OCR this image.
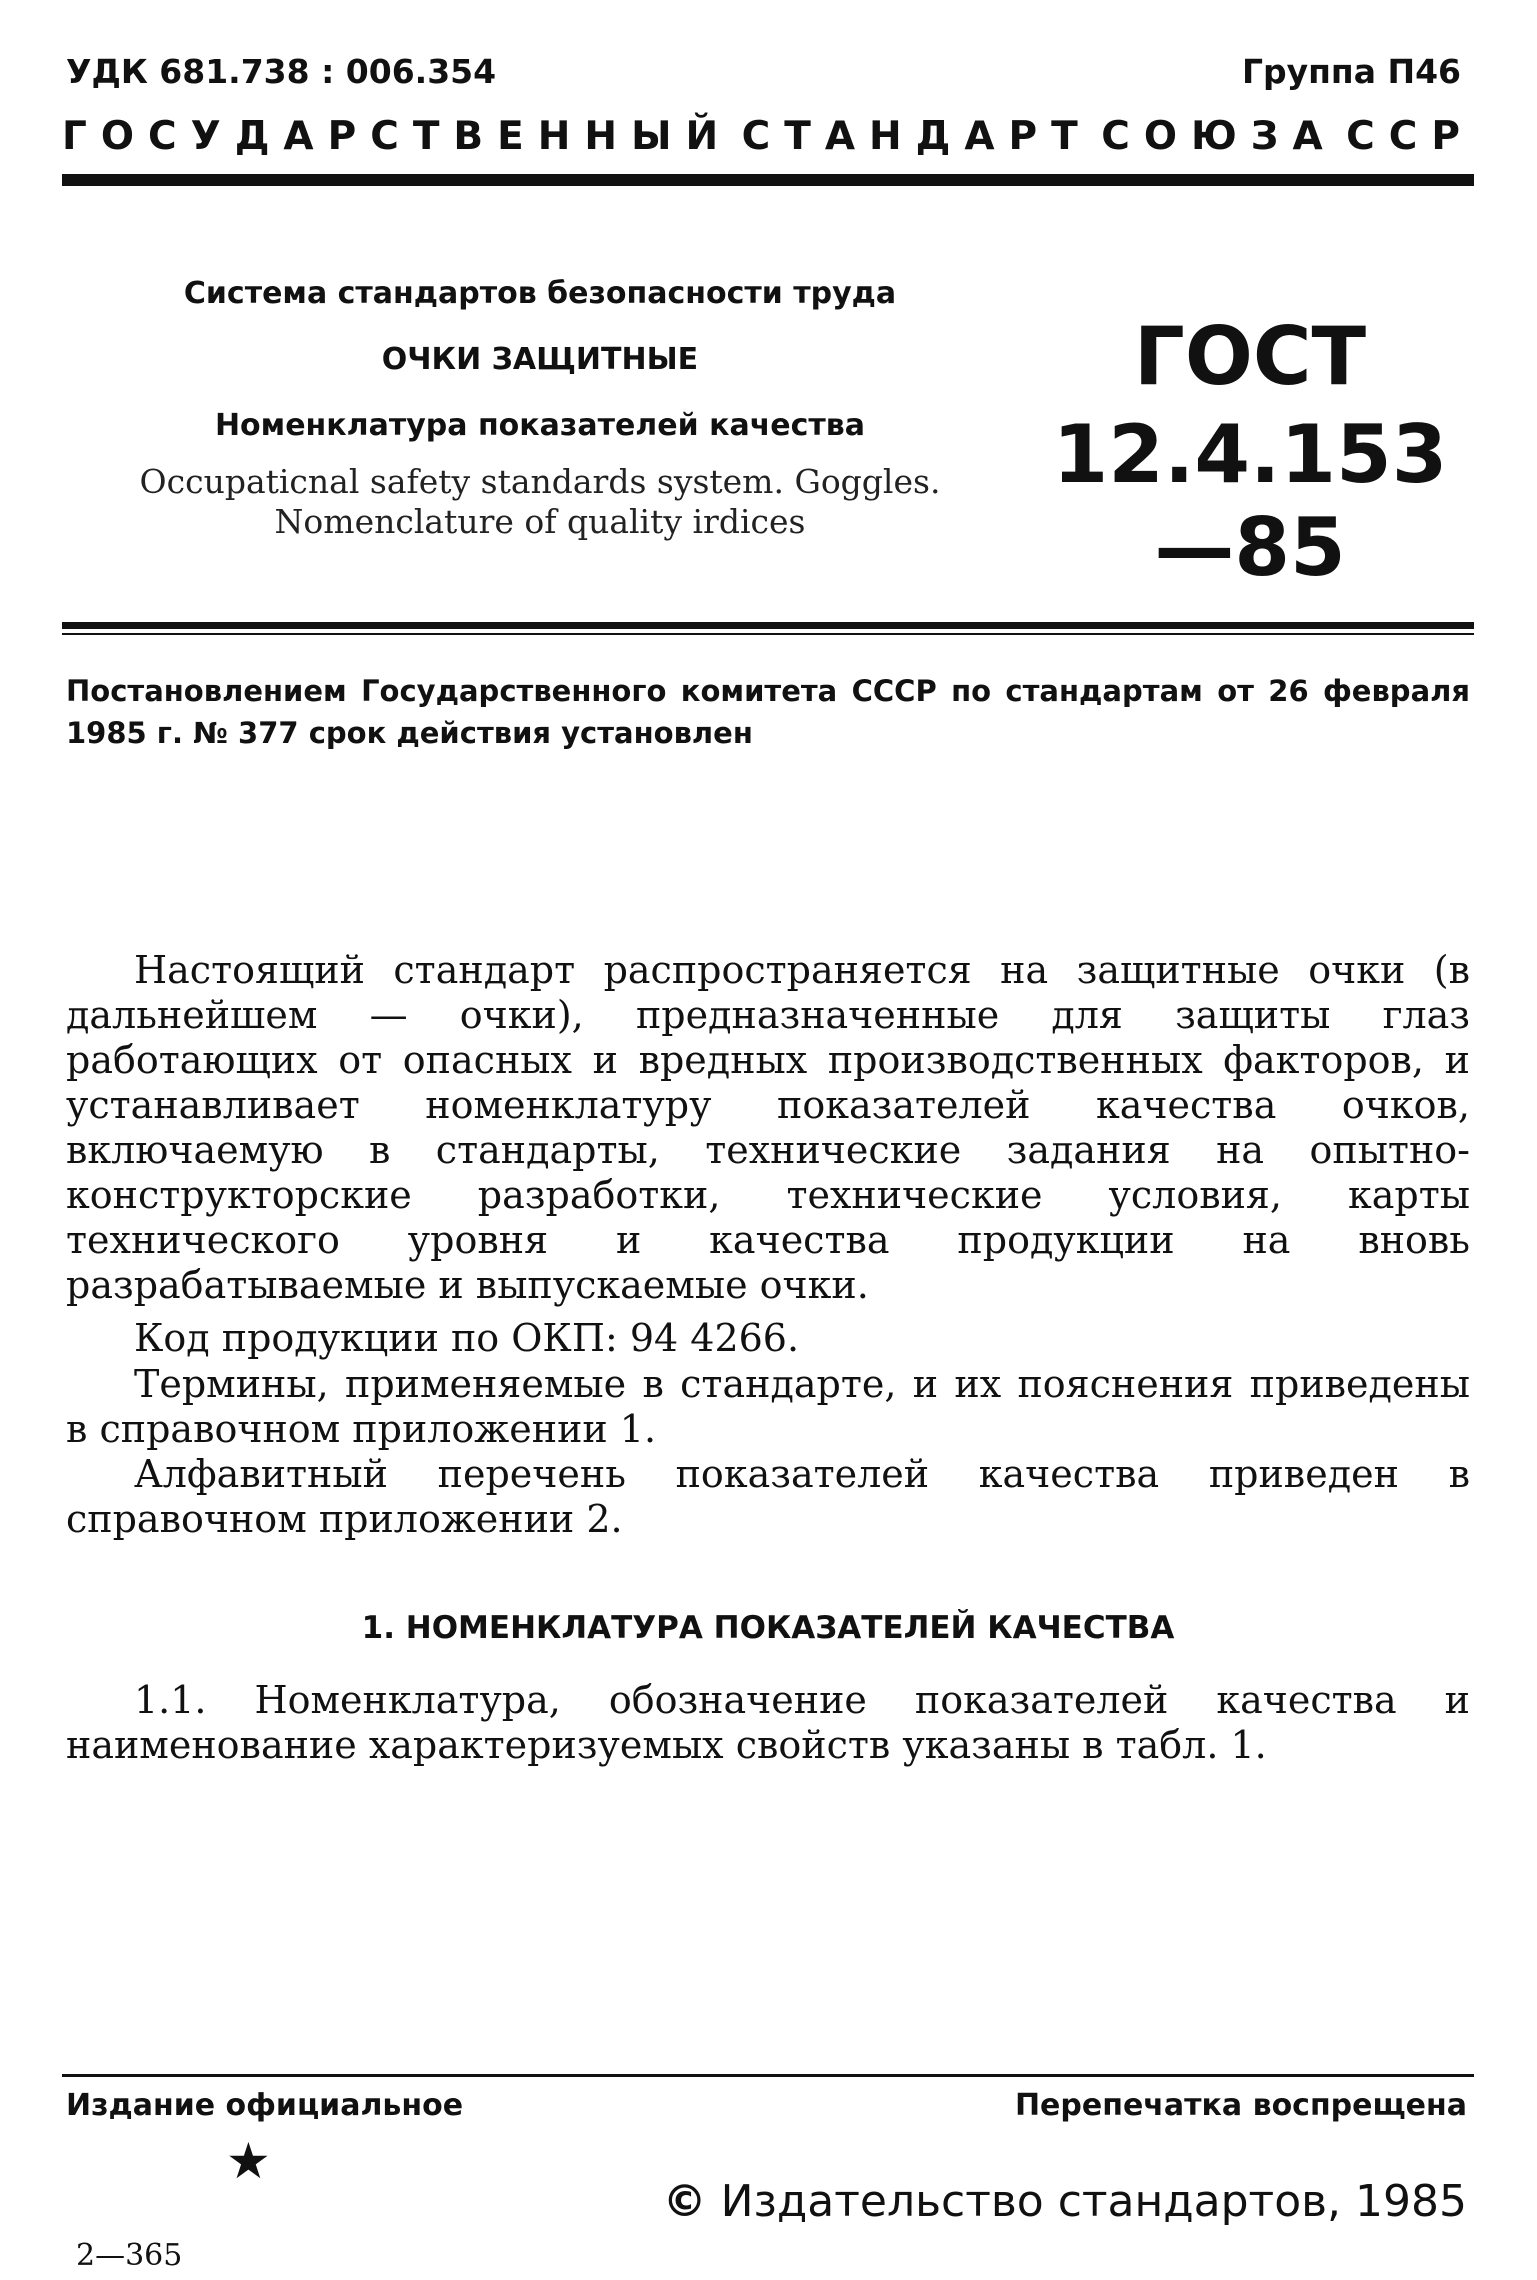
УДК 681.738 : 006.354	Группа П46
ГОСУДАРСТВЕННЫЙ СТАНДАРТ СОЮЗА ССР
Система стандартов безопасности труда
ОЧКИ ЗАЩИТНЫЕ
Номенклатура показателей качества
Occupaticnal safety standards system. Goggles.
Nomenclature of quality irdices
ГОСТ
12.4.153—85
Постановлением Государственного комитета СССР по стандартам от 26 февраля 1985 г. № 377 срок действия установлен
Настоящий стандарт распространяется на защитные очки (в дальнейшем — очки), предназначенные для защиты глаз работающих от опасных и вредных производственных факторов, и устанавливает номенклатуру показателей качества очков, включаемую в стандарты, технические задания на опытно-конструкторские разработки, технические условия, карты технического уровня и качества продукции на вновь разрабатываемые и выпускаемые очки.
Код продукции по ОКП: 94 4266.
Термины, применяемые в стандарте, и их пояснения приведены в справочном приложении 1.
Алфавитный перечень показателей качества приведен в справочном приложении 2.
1. НОМЕНКЛАТУРА ПОКАЗАТЕЛЕЙ КАЧЕСТВА
1.1. Номенклатура, обозначение показателей качества и наименование характеризуемых свойств указаны в табл. 1.
Издание официальное	Перепечатка воспрещена
★
© Издательство стандартов, 1985
2—365
